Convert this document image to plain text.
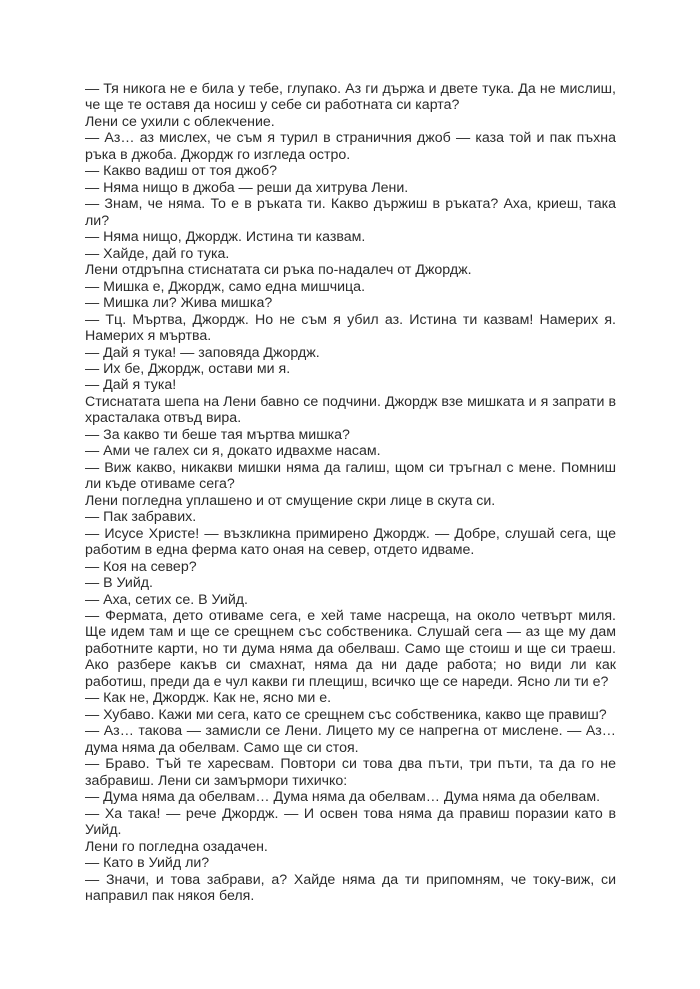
— Тя никога не е била у тебе, глупако. Аз ги държа и двете тука. Да не мислиш, че ще те оставя да носиш у себе си работната си карта?

Лени се ухили с облекчение.

— Аз… аз мислех, че съм я турил в страничния джоб — каза той и пак пъхна ръка в джоба. Джордж го изгледа остро.

— Какво вадиш от тоя джоб?

— Няма нищо в джоба — реши да хитрува Лени.

— Знам, че няма. То е в ръката ти. Какво държиш в ръката? Аха, криеш, така ли?

— Няма нищо, Джордж. Истина ти казвам.

— Хайде, дай го тука.

Лени отдръпна стиснатата си ръка по-надалеч от Джордж.

— Мишка е, Джордж, само една мишчица.

— Мишка ли? Жива мишка?

— Тц. Мъртва, Джордж. Но не съм я убил аз. Истина ти казвам! Намерих я. Намерих я мъртва.

— Дай я тука! — заповяда Джордж.

— Их бе, Джордж, остави ми я.

— Дай я тука!

Стиснатата шепа на Лени бавно се подчини. Джордж взе мишката и я запрати в храсталака отвъд вира.

— За какво ти беше тая мъртва мишка?

— Ами че галех си я, докато идвахме насам.

— Виж какво, никакви мишки няма да галиш, щом си тръгнал с мене. Помниш ли къде отиваме сега?

Лени погледна уплашено и от смущение скри лице в скута си.

— Пак забравих.

— Исусе Христе! — възкликна примирено Джордж. — Добре, слушай сега, ще работим в една ферма като оная на север, отдето идваме.

— Коя на север?

— В Уийд.

— Аха, сетих се. В Уийд.

— Фермата, дето отиваме сега, е хей таме насреща, на около четвърт миля. Ще идем там и ще се срещнем със собственика. Слушай сега — аз ще му дам работните карти, но ти дума няма да обелваш. Само ще стоиш и ще си траеш. Ако разбере какъв си смахнат, няма да ни даде работа; но види ли как работиш, преди да е чул какви ги плещиш, всичко ще се нареди. Ясно ли ти е?

— Как не, Джордж. Как не, ясно ми е.

— Хубаво. Кажи ми сега, като се срещнем със собственика, какво ще правиш?

— Аз… такова — замисли се Лени. Лицето му се напрегна от мислене. — Аз… дума няма да обелвам. Само ще си стоя.

— Браво. Тъй те харесвам. Повтори си това два пъти, три пъти, та да го не забравиш. Лени си замърмори тихичко:

— Дума няма да обелвам… Дума няма да обелвам… Дума няма да обелвам.

— Ха така! — рече Джордж. — И освен това няма да правиш поразии като в Уийд.

Лени го погледна озадачен.

— Като в Уийд ли?

— Значи, и това забрави, а? Хайде няма да ти припомням, че току-виж, си направил пак някоя беля.
